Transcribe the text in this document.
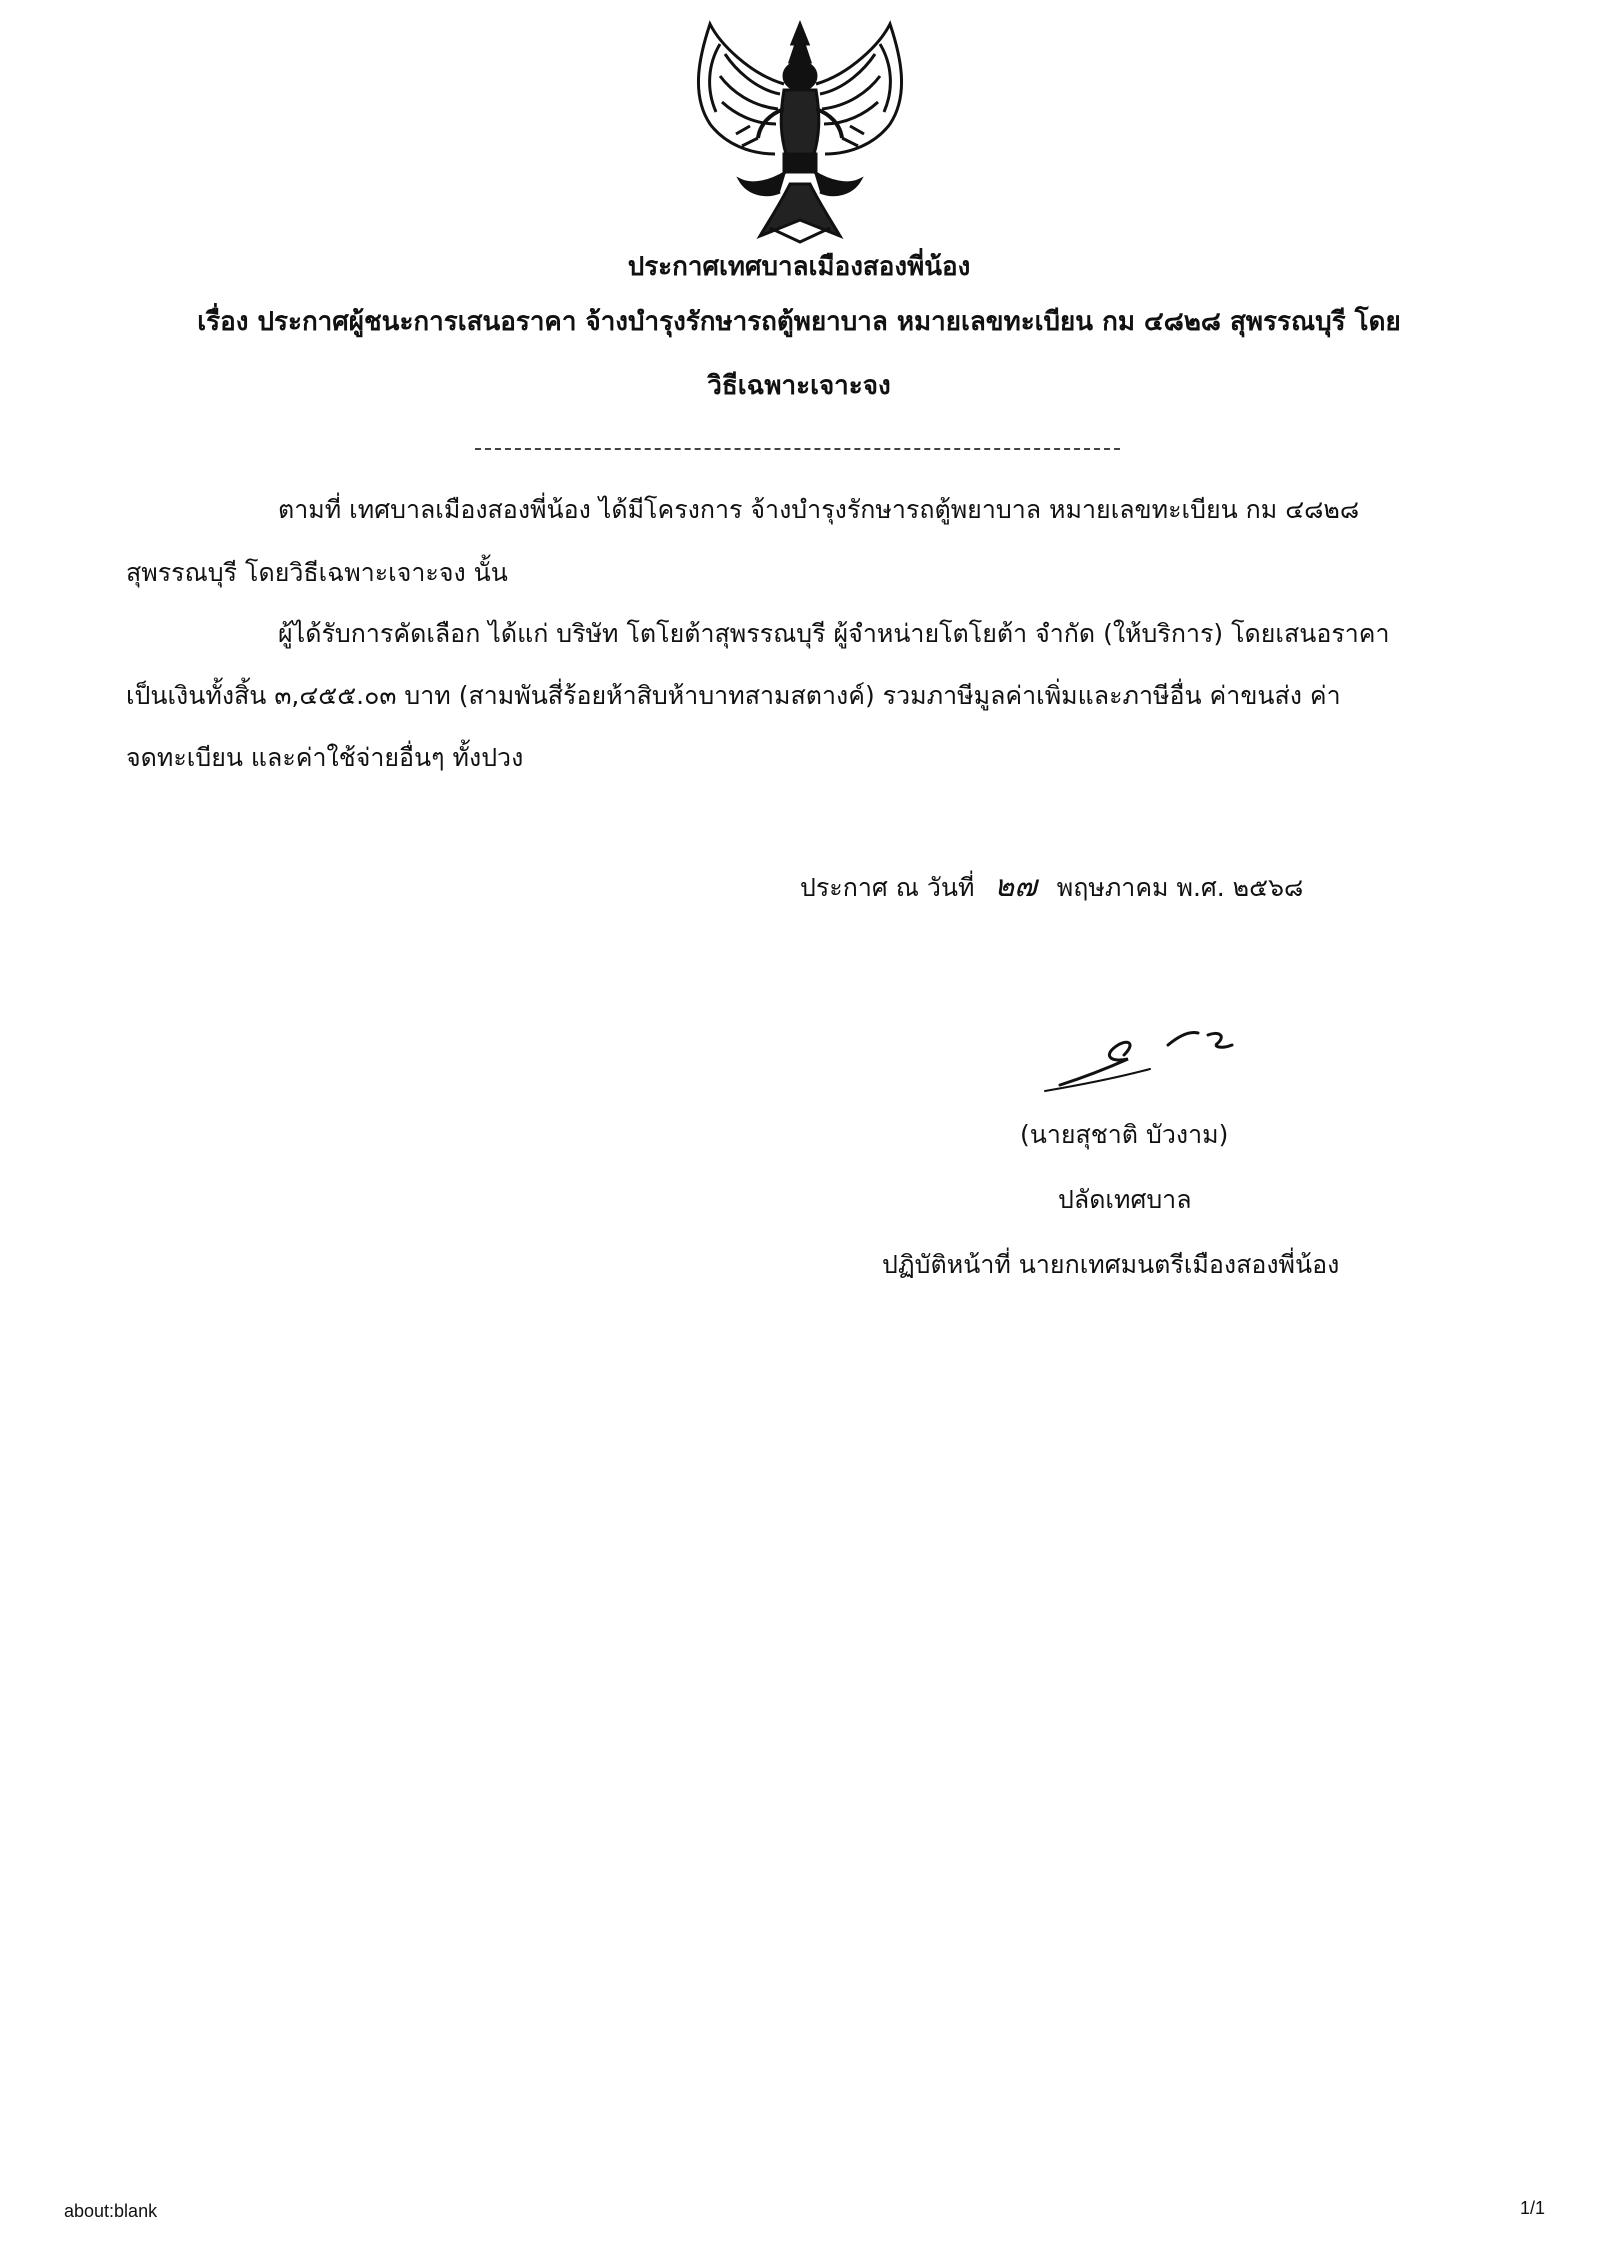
ประกาศเทศบาลเมืองสองพี่น้อง
เรื่อง ประกาศผู้ชนะการเสนอราคา จ้างบำรุงรักษารถตู้พยาบาล หมายเลขทะเบียน กม ๔๘๒๘ สุพรรณบุรี โดย
วิธีเฉพาะเจาะจง
ตามที่ เทศบาลเมืองสองพี่น้อง ได้มีโครงการ จ้างบำรุงรักษารถตู้พยาบาล หมายเลขทะเบียน กม ๔๘๒๘
สุพรรณบุรี โดยวิธีเฉพาะเจาะจง นั้น
ผู้ได้รับการคัดเลือก ได้แก่ บริษัท โตโยต้าสุพรรณบุรี ผู้จำหน่ายโตโยต้า จำกัด (ให้บริการ) โดยเสนอราคา
เป็นเงินทั้งสิ้น ๓,๔๕๕.๐๓ บาท (สามพันสี่ร้อยห้าสิบห้าบาทสามสตางค์) รวมภาษีมูลค่าเพิ่มและภาษีอื่น ค่าขนส่ง ค่า
จดทะเบียน และค่าใช้จ่ายอื่นๆ ทั้งปวง
ประกาศ ณ วันที่ ๒๗ พฤษภาคม พ.ศ. ๒๕๖๘
(นายสุชาติ บัวงาม)
ปลัดเทศบาล
ปฏิบัติหน้าที่ นายกเทศมนตรีเมืองสองพี่น้อง
about:blank	1/1
